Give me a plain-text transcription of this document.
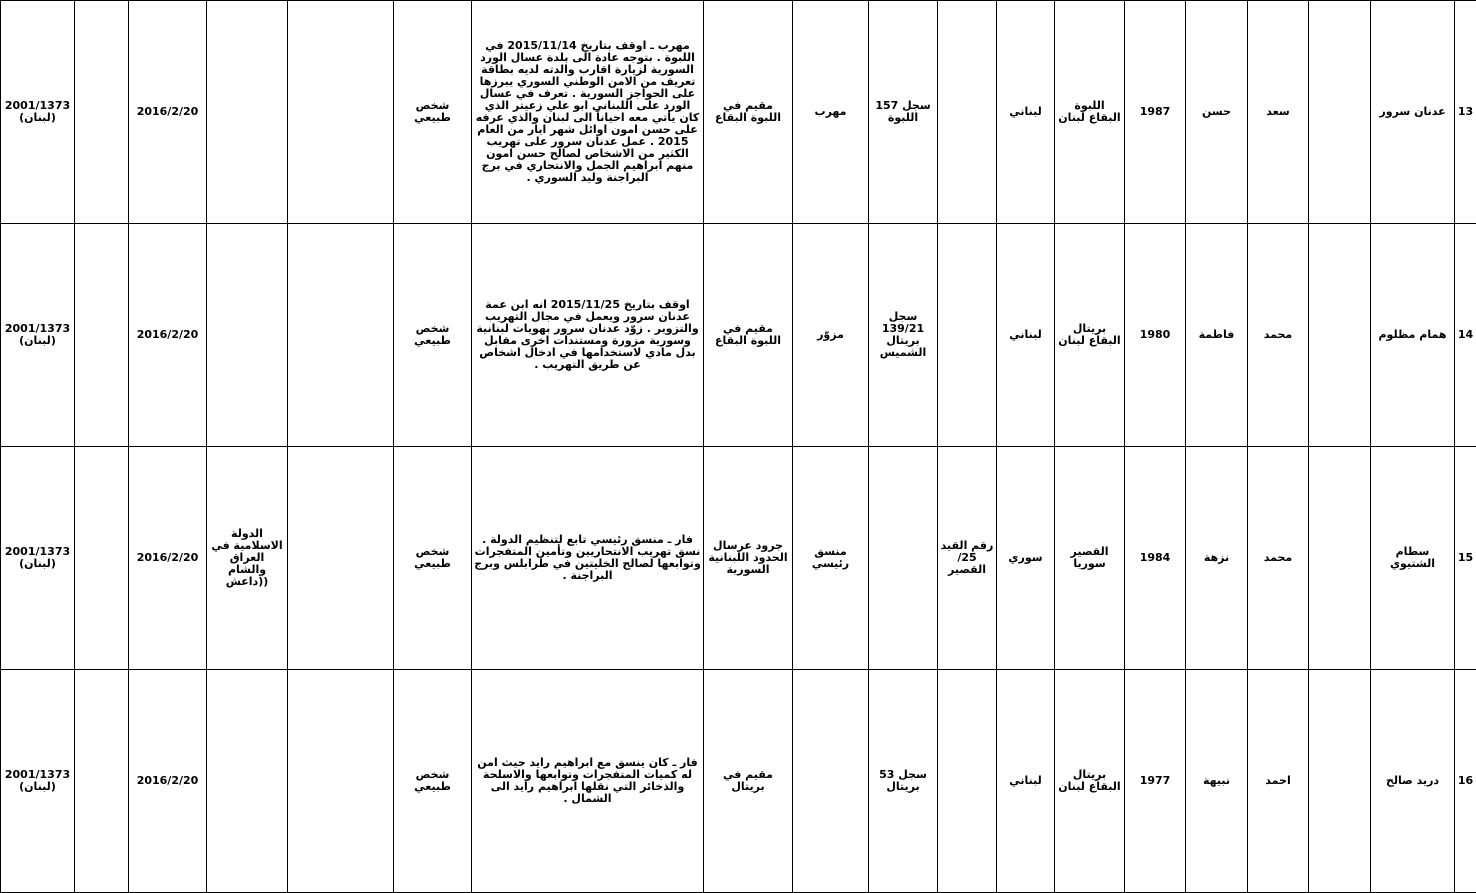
2001/1373
(لبنان)		2016/2/20			شخص طبيعي	مهرب ـ اوقف بتاريخ 2015/11/14 في اللبوة . بتوجه عادة الى بلدة عسال الورد السورية لزيارة اقارب والدته لديه بطاقة تعريف من الامن الوطني السوري يبرزها على الحواجز السورية . تعرف في عسال الورد على اللبناني ابو علي زعيتر الذي كان يأتي معه احياناً الى لبنان والذي عرفه على حسن امون اوائل شهر ايار من العام 2015 . عمل عدنان سرور على تهريب الكثير من الاشخاص لصالح حسن امون منهم ابراهيم الجمل والانتحاري في برج البراجنة وليد السوري .	مقيم في اللبوة البقاع	مهرب	سجل 157 اللبوة		لبناني	اللبوة البقاع لبنان	1987	حسن	سعد		عدنان سرور	13
2001/1373
(لبنان)		2016/2/20			شخص طبيعي	اوقف بتاريخ 2015/11/25 انه ابن عمة عدنان سرور ويعمل في مجال التهريب والتزوير . زوّد عدنان سرور بهويات لبنانية وسورية مزورة ومستندات اخرى مقابل بدل مادي لاستخدامها في ادخال اشخاص عن طريق التهريب .	مقيم في اللبوة البقاع	مزوّر	سجل 139/21 بريتال الشميس		لبناني	بريتال البقاع لبنان	1980	فاطمة	محمد		همام مظلوم	14
2001/1373
(لبنان)		2016/2/20	الدولة الاسلامية في العراق والشام ((داعش		شخص طبيعي	فار ـ منسق رئيسي تابع لتنظيم الدولة . نسق تهريب الانتحاريين وتأمين المتفجرات وتوابعها لصالح الخليتين في طرابلس وبرج البراجنة .	جرود عرسال الحدود اللبنانية السورية	منسق رئيسي		رقم القيد 25/القصير	سوري	القصير سوريا	1984	نزهة	محمد		سطام الشتيوي	15
2001/1373
(لبنان)		2016/2/20			شخص طبيعي	فار ـ كان ينسق مع ابراهيم رايد حيث امن له كميات المتفجرات وتوابعها والاسلحة والذخائر التي نقلها ابراهيم رايد الى الشمال .	مقيم في بريتال		سجل 53 بريتال		لبناني	بريتال البقاع لبنان	1977	نبيهة	احمد		دريد صالح	16
